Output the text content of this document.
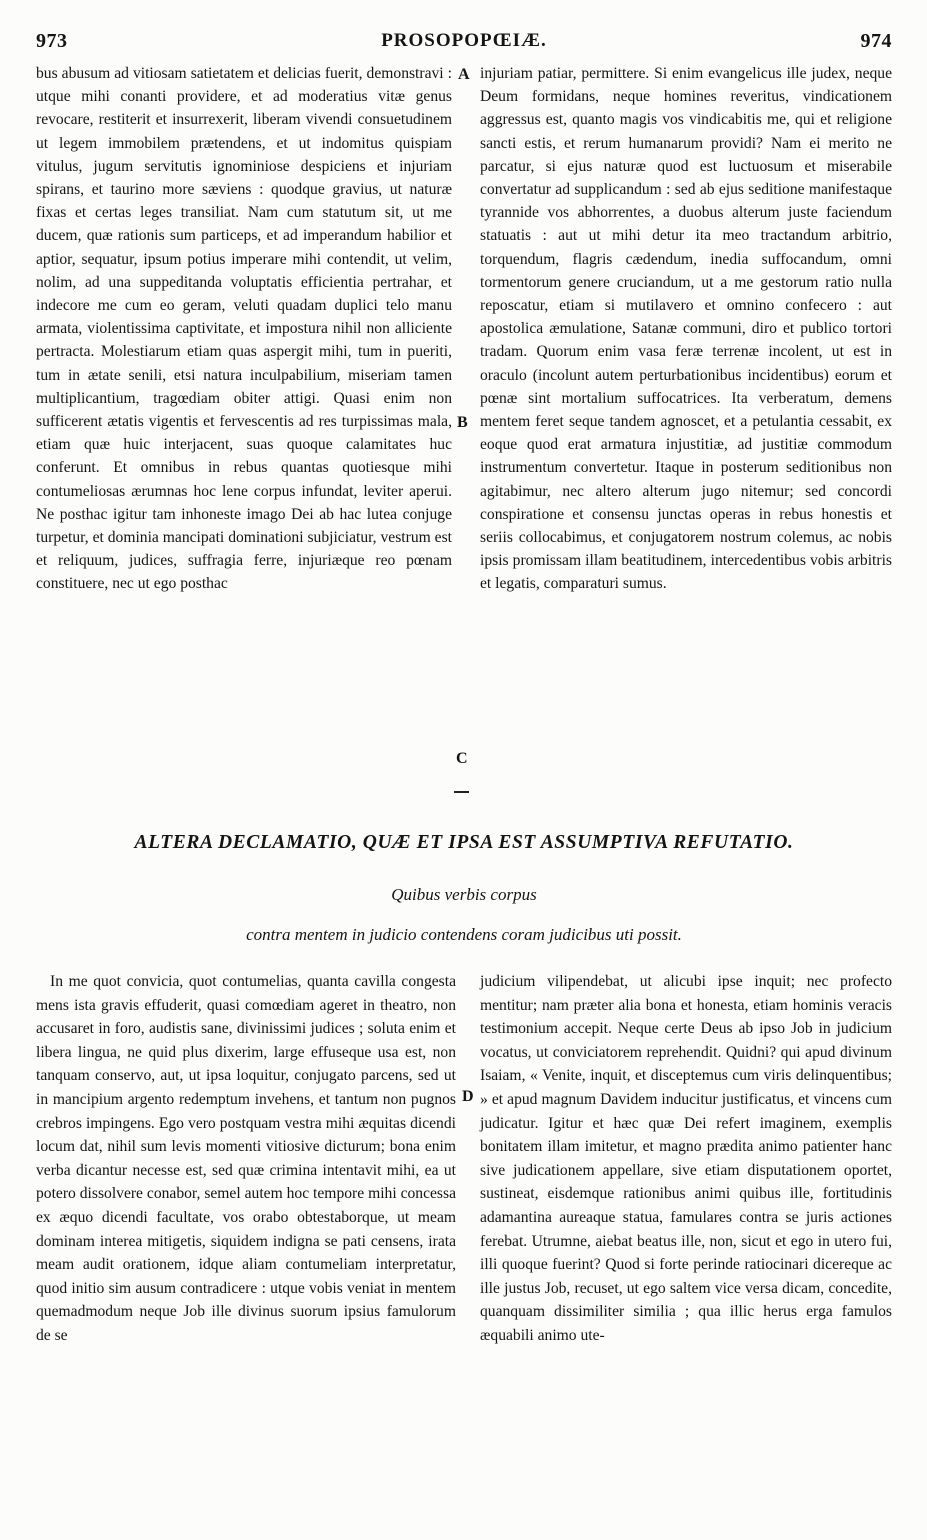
973	PROSOPOPŒIÆ.	974

bus abusum ad vitiosam satietatem et delicias fuerit, demonstravi : utque mihi conanti providere, et ad moderatius vitæ genus revocare, restiterit et insurrexerit, liberam vivendi consuetudinem ut legem immobilem prætendens, et ut indomitus quispiam vitulus, jugum servitutis ignominiose despiciens et injuriam spirans, et taurino more sæviens : quodque gravius, ut naturæ fixas et certas leges transiliat. Nam cum statutum sit, ut me ducem, quæ rationis sum particeps, et ad imperandum habilior et aptior, sequatur, ipsum potius imperare mihi contendit, ut velim, nolim, ad una suppeditanda voluptatis efficientia pertrahar, et indecore me cum eo geram, veluti quadam duplici telo manu armata, violentissima captivitate, et impostura nihil non alliciente pertracta. Molestiarum etiam quas aspergit mihi, tum in pueriti, tum in ætate senili, etsi natura inculpabilium, miseriam tamen multiplicantium, tragœdiam obiter attigi. Quasi enim non sufficerent ætatis vigentis et fervescentis ad res turpissimas mala, etiam quæ huic interjacent, suas quoque calamitates huc conferunt. Et omnibus in rebus quantas quotiesque mihi contumeliosas ærumnas hoc lene corpus infundat, leviter aperui. Ne posthac igitur tam inhoneste imago Dei ab hac lutea conjuge turpetur, et dominia mancipati dominationi subjiciatur, vestrum est et reliquum, judices, suffragia ferre, injuriæque reo pœnam constituere, nec ut ego posthac

injuriam patiar, permittere. Si enim evangelicus ille judex, neque Deum formidans, neque homines reveritus, vindicationem aggressus est, quanto magis vos vindicabitis me, qui et religione sancti estis, et rerum humanarum providi? Nam ei merito ne parcatur, si ejus naturæ quod est luctuosum et miserabile convertatur ad supplicandum : sed ab ejus seditione manifestaque tyrannide vos abhorrentes, a duobus alterum juste faciendum statuatis : aut ut mihi detur ita meo tractandum arbitrio, torquendum, flagris cædendum, inedia suffocandum, omni tormentorum genere cruciandum, ut a me gestorum ratio nulla reposcatur, etiam si mutilavero et omnino confecero : aut apostolica æmulatione, Satanæ communi, diro et publico tortori tradam. Quorum enim vasa feræ terrenæ incolent, ut est in oraculo (incolunt autem perturbationibus incidentibus) eorum et pœnæ sint mortalium suffocatrices. Ita verberatum, demens mentem feret seque tandem agnoscet, et a petulantia cessabit, ex eoque quod erat armatura injustitiæ, ad justitiæ commodum instrumentum convertetur. Itaque in posterum seditionibus non agitabimur, nec altero alterum jugo nitemur; sed concordi conspiratione et consensu junctas operas in rebus honestis et seriis collocabimus, et conjugatorem nostrum colemus, ac nobis ipsis promissam illam beatitudinem, intercedentibus vobis arbitris et legatis, comparaturi sumus.

A
B
C
ALTERA DECLAMATIO, QUÆ ET IPSA EST ASSUMPTIVA REFUTATIO.
Quibus verbis corpus
contra mentem in judicio contendens coram judicibus uti possit.

In me quot convicia, quot contumelias, quanta cavilla congesta mens ista gravis effuderit, quasi comœdiam ageret in theatro, non accusaret in foro, audistis sane, divinissimi judices ; soluta enim et libera lingua, ne quid plus dixerim, large effuseque usa est, non tanquam conservo, aut, ut ipsa loquitur, conjugato parcens, sed ut in mancipium argento redemptum invehens, et tantum non pugnos crebros impingens. Ego vero postquam vestra mihi æquitas dicendi locum dat, nihil sum levis momenti vitiosive dicturum; bona enim verba dicantur necesse est, sed quæ crimina intentavit mihi, ea ut potero dissolvere conabor, semel autem hoc tempore mihi concessa ex æquo dicendi facultate, vos orabo obtestaborque, ut meam dominam interea mitigetis, siquidem indigna se pati censens, irata meam audit orationem, idque aliam contumeliam interpretatur, quod initio sim ausum contradicere : utque vobis veniat in mentem quemadmodum neque Job ille divinus suorum ipsius famulorum de se

D

judicium vilipendebat, ut alicubi ipse inquit; nec profecto mentitur; nam præter alia bona et honesta, etiam hominis veracis testimonium accepit. Neque certe Deus ab ipso Job in judicium vocatus, ut conviciatorem reprehendit. Quidni? qui apud divinum Isaiam, « Venite, inquit, et disceptemus cum viris delinquentibus; » et apud magnum Davidem inducitur justificatus, et vincens cum judicatur. Igitur et hæc quæ Dei refert imaginem, exemplis bonitatem illam imitetur, et magno prædita animo patienter hanc sive judicationem appellare, sive etiam disputationem oportet, sustineat, eisdemque rationibus animi quibus ille, fortitudinis adamantina aureaque statua, famulares contra se juris actiones ferebat. Utrumne, aiebat beatus ille, non, sicut et ego in utero fui, illi quoque fuerint? Quod si forte perinde ratiocinari dicereque ac ille justus Job, recuset, ut ego saltem vice versa dicam, concedite, quanquam dissimiliter similia ; qua illic herus erga famulos æquabili animo ute-
